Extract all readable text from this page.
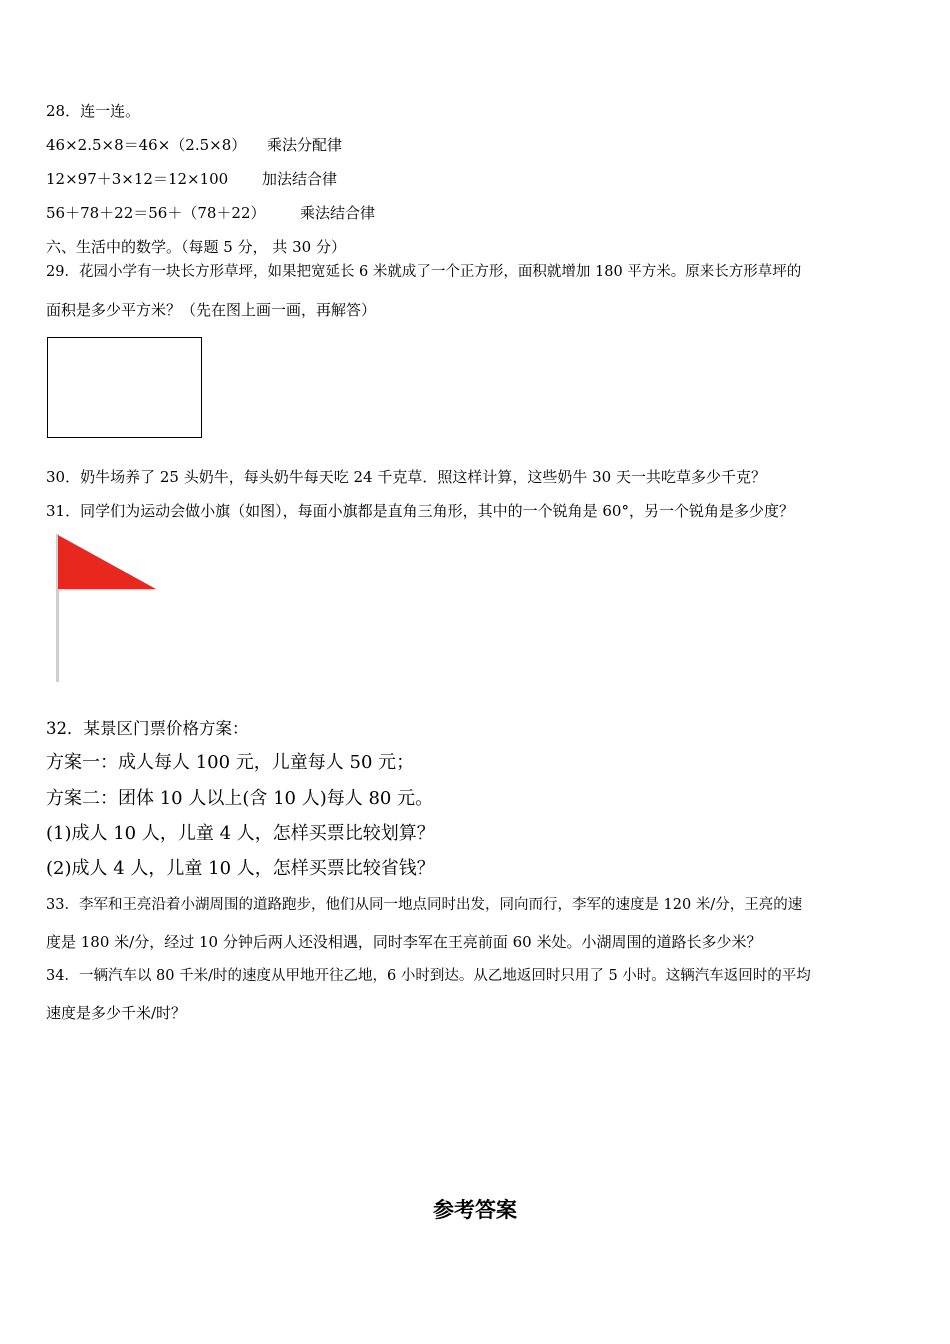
28．连一连。
46×2.5×8＝46×（2.5×8） 乘法分配律
12×97＋3×12＝12×100 加法结合律
56＋78＋22＝56＋（78＋22） 乘法结合律
六、生活中的数学。（每题 5 分， 共 30 分）
29．花园小学有一块长方形草坪，如果把宽延长 6 米就成了一个正方形，面积就增加 180 平方米。原来长方形草坪的
面积是多少平方米？（先在图上画一画，再解答）
30．奶牛场养了 25 头奶牛，每头奶牛每天吃 24 千克草．照这样计算，这些奶牛 30 天一共吃草多少千克？
31．同学们为运动会做小旗（如图），每面小旗都是直角三角形，其中的一个锐角是 60°，另一个锐角是多少度？
32．某景区门票价格方案：
方案一：成人每人 100 元，儿童每人 50 元；
方案二：团体 10 人以上(含 10 人)每人 80 元。
(1)成人 10 人，儿童 4 人，怎样买票比较划算？
(2)成人 4 人，儿童 10 人，怎样买票比较省钱？
33．李军和王亮沿着小湖周围的道路跑步，他们从同一地点同时出发，同向而行，李军的速度是 120 米/分，王亮的速
度是 180 米/分，经过 10 分钟后两人还没相遇，同时李军在王亮前面 60 米处。小湖周围的道路长多少米？
34．一辆汽车以 80 千米/时的速度从甲地开往乙地，6 小时到达。从乙地返回时只用了 5 小时。这辆汽车返回时的平均
速度是多少千米/时？
参考答案
